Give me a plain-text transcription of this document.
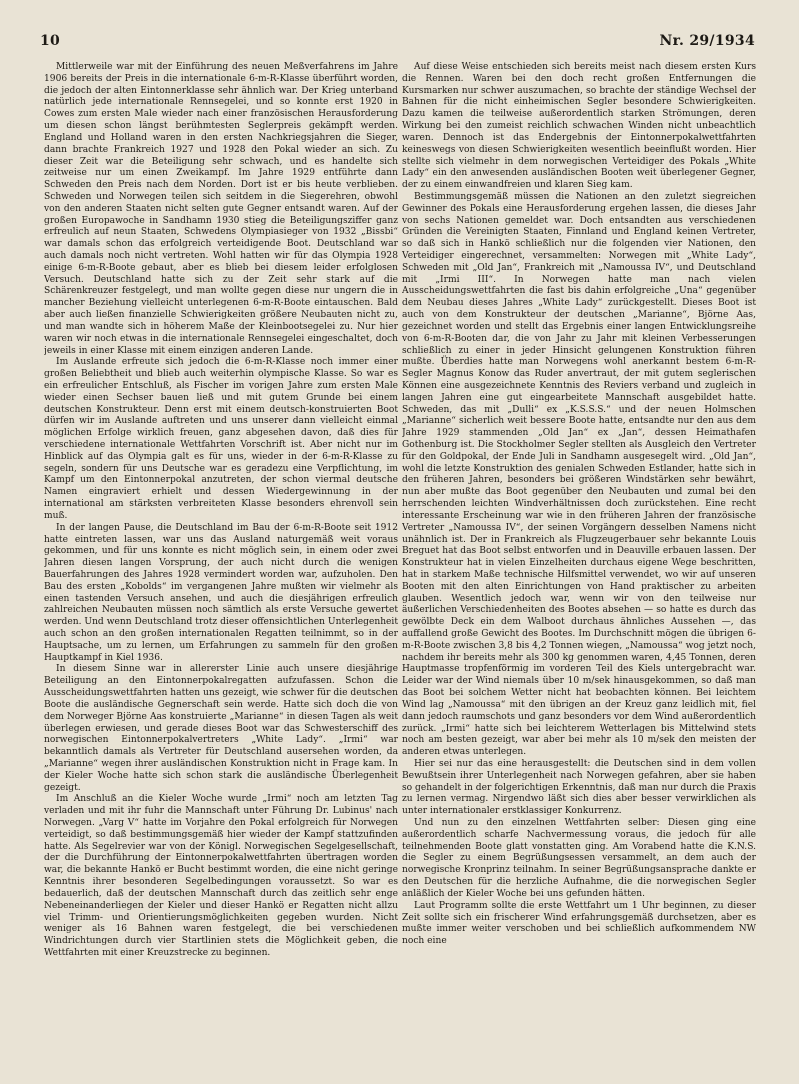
10	Nr. 29/1934

Mittlerweile war mit der Einführung des neuen Meßverfahrens im Jahre 1906 bereits der Preis in die internationale 6-m-R-Klasse überführt worden, die jedoch der alten Eintonnerklasse sehr ähnlich war. Der Krieg unterband natürlich jede internationale Rennsegelei, und so konnte erst 1920 in Cowes zum ersten Male wieder nach einer französischen Herausforderung um diesen schon längst berühmtesten Seglerpreis gekämpft werden. England und Holland waren in den ersten Nachkriegsjahren die Sieger, dann brachte Frankreich 1927 und 1928 den Pokal wieder an sich. Zu dieser Zeit war die Beteiligung sehr schwach, und es handelte sich zeitweise nur um einen Zweikampf. Im Jahre 1929 entführte dann Schweden den Preis nach dem Norden. Dort ist er bis heute verblieben. Schweden und Norwegen teilen sich seitdem in die Siegerehren, obwohl von den anderen Staaten nicht selten gute Gegner entsandt waren. Auf der großen Europawoche in Sandhamn 1930 stieg die Beteiligungsziffer ganz erfreulich auf neun Staaten, Schwedens Olympiasieger von 1932 „Bissbi“ war damals schon das erfolgreich verteidigende Boot. Deutschland war auch damals noch nicht vertreten. Wohl hatten wir für das Olympia 1928 einige 6-m-R-Boote gebaut, aber es blieb bei diesem leider erfolglosen Versuch. Deutschland hatte sich zu der Zeit sehr stark auf die Schärenkreuzer festgelegt, und man wollte gegen diese nur ungern die in mancher Beziehung vielleicht unterlegenen 6-m-R-Boote eintauschen. Bald aber auch ließen finanzielle Schwierigkeiten größere Neubauten nicht zu, und man wandte sich in höherem Maße der Kleinbootsegelei zu. Nur hier waren wir noch etwas in die internationale Rennsegelei eingeschaltet, doch jeweils in einer Klasse mit einem einzigen anderen Lande.

Im Auslande erfreute sich jedoch die 6-m-R-Klasse noch immer einer großen Beliebtheit und blieb auch weiterhin olympische Klasse. So war es ein erfreulicher Entschluß, als Fischer im vorigen Jahre zum ersten Male wieder einen Sechser bauen ließ und mit gutem Grunde bei einem deutschen Konstrukteur. Denn erst mit einem deutsch-konstruierten Boot dürfen wir im Auslande auftreten und uns unserer dann vielleicht einmal möglichen Erfolge wirklich freuen, ganz abgesehen davon, daß dies für verschiedene internationale Wettfahrten Vorschrift ist. Aber nicht nur im Hinblick auf das Olympia galt es für uns, wieder in der 6-m-R-Klasse zu segeln, sondern für uns Deutsche war es geradezu eine Verpflichtung, im Kampf um den Eintonnerpokal anzutreten, der schon viermal deutsche Namen eingraviert erhielt und dessen Wiedergewinnung in der international am stärksten verbreiteten Klasse besonders ehrenvoll sein muß.

In der langen Pause, die Deutschland im Bau der 6-m-R-Boote seit 1912 hatte eintreten lassen, war uns das Ausland naturgemäß weit voraus gekommen, und für uns konnte es nicht möglich sein, in einem oder zwei Jahren diesen langen Vorsprung, der auch nicht durch die wenigen Bauerfahrungen des Jahres 1928 vermindert worden war, aufzuholen. Den Bau des ersten „Kobolds“ im vergangenen Jahre mußten wir vielmehr als einen tastenden Versuch ansehen, und auch die diesjährigen erfreulich zahlreichen Neubauten müssen noch sämtlich als erste Versuche gewertet werden. Und wenn Deutschland trotz dieser offensichtlichen Unterlegenheit auch schon an den großen internationalen Regatten teilnimmt, so in der Hauptsache, um zu lernen, um Erfahrungen zu sammeln für den großen Hauptkampf in Kiel 1936.

In diesem Sinne war in allererster Linie auch unsere diesjährige Beteiligung an den Eintonnerpokalregatten aufzufassen. Schon die Ausscheidungswettfahrten hatten uns gezeigt, wie schwer für die deutschen Boote die ausländische Gegnerschaft sein werde. Hatte sich doch die von dem Norweger Björne Aas konstruierte „Marianne“ in diesen Tagen als weit überlegen erwiesen, und gerade dieses Boot war das Schwesterschiff des norwegischen Eintonnerpokalvertreters „White Lady“. „Irmi“ war bekanntlich damals als Vertreter für Deutschland ausersehen worden, da „Marianne“ wegen ihrer ausländischen Konstruktion nicht in Frage kam. In der Kieler Woche hatte sich schon stark die ausländische Überlegenheit gezeigt.

Im Anschluß an die Kieler Woche wurde „Irmi“ noch am letzten Tag verladen und mit ihr fuhr die Mannschaft unter Führung Dr. Lubinus' nach Norwegen. „Varg V“ hatte im Vorjahre den Pokal erfolgreich für Norwegen verteidigt, so daß bestimmungsgemäß hier wieder der Kampf stattzufinden hatte. Als Segelrevier war von der Königl. Norwegischen Segelgesellschaft, der die Durchführung der Eintonnerpokalwettfahrten übertragen worden war, die bekannte Hankö er Bucht bestimmt worden, die eine nicht geringe Kenntnis ihrer besonderen Segelbedingungen voraussetzt. So war es bedauerlich, daß der deutschen Mannschaft durch das zeitlich sehr enge Nebeneinanderliegen der Kieler und dieser Hankö er Regatten nicht allzu viel Trimm- und Orientierungsmöglichkeiten gegeben wurden. Nicht weniger als 16 Bahnen waren festgelegt, die bei verschiedenen Windrichtungen durch vier Startlinien stets die Möglichkeit geben, die Wettfahrten mit einer Kreuzstrecke zu beginnen.

Auf diese Weise entschieden sich bereits meist nach diesem ersten Kurs die Rennen. Waren bei den doch recht großen Entfernungen die Kursmarken nur schwer auszumachen, so brachte der ständige Wechsel der Bahnen für die nicht einheimischen Segler besondere Schwierigkeiten. Dazu kamen die teilweise außerordentlich starken Strömungen, deren Wirkung bei den zumeist reichlich schwachen Winden nicht unbeachtlich waren. Dennoch ist das Endergebnis der Eintonnerpokalwettfahrten keineswegs von diesen Schwierigkeiten wesentlich beeinflußt worden. Hier stellte sich vielmehr in dem norwegischen Verteidiger des Pokals „White Lady“ ein den anwesenden ausländischen Booten weit überlegener Gegner, der zu einem einwandfreien und klaren Sieg kam.

Bestimmungsgemäß müssen die Nationen an den zuletzt siegreichen Gewinner des Pokals eine Herausforderung ergehen lassen, die dieses Jahr von sechs Nationen gemeldet war. Doch entsandten aus verschiedenen Gründen die Vereinigten Staaten, Finnland und England keinen Vertreter, so daß sich in Hankö schließlich nur die folgenden vier Nationen, den Verteidiger eingerechnet, versammelten: Norwegen mit „White Lady“, Schweden mit „Old Jan“, Frankreich mit „Namoussa IV“, und Deutschland mit „Irmi III“. In Norwegen hatte man nach vielen Ausscheidungswettfahrten die fast bis dahin erfolgreiche „Una“ gegenüber dem Neubau dieses Jahres „White Lady“ zurückgestellt. Dieses Boot ist auch von dem Konstrukteur der deutschen „Marianne“, Björne Aas, gezeichnet worden und stellt das Ergebnis einer langen Entwicklungsreihe von 6-m-R-Booten dar, die von Jahr zu Jahr mit kleinen Verbesserungen schließlich zu einer in jeder Hinsicht gelungenen Konstruktion führen mußte. Überdies hatte man Norwegens wohl anerkannt bestem 6-m-R-Segler Magnus Konow das Ruder anvertraut, der mit gutem seglerischen Können eine ausgezeichnete Kenntnis des Reviers verband und zugleich in langen Jahren eine gut eingearbeitete Mannschaft ausgebildet hatte. Schweden, das mit „Dulli“ ex „K.S.S.S.“ und der neuen Holmschen „Marianne“ sicherlich weit bessere Boote hatte, entsandte nur den aus dem Jahre 1929 stammenden „Old Jan“ ex „Jan“, dessen Heimathafen Gothenburg ist. Die Stockholmer Segler stellten als Ausgleich den Vertreter für den Goldpokal, der Ende Juli in Sandhamn ausgesegelt wird. „Old Jan“, wohl die letzte Konstruktion des genialen Schweden Estlander, hatte sich in den früheren Jahren, besonders bei größeren Windstärken sehr bewährt, nun aber mußte das Boot gegenüber den Neubauten und zumal bei den herrschenden leichten Windverhältnissen doch zurückstehen. Eine recht interessante Erscheinung war wie in den früheren Jahren der französische Vertreter „Namoussa IV“, der seinen Vorgängern desselben Namens nicht unähnlich ist. Der in Frankreich als Flugzeugerbauer sehr bekannte Louis Breguet hat das Boot selbst entworfen und in Deauville erbauen lassen. Der Konstrukteur hat in vielen Einzelheiten durchaus eigene Wege beschritten, hat in starkem Maße technische Hilfsmittel verwendet, wo wir auf unseren Booten mit den alten Einrichtungen von Hand praktischer zu arbeiten glauben. Wesentlich jedoch war, wenn wir von den teilweise nur äußerlichen Verschiedenheiten des Bootes absehen — so hatte es durch das gewölbte Deck ein dem Walboot durchaus ähnliches Aussehen —, das auffallend große Gewicht des Bootes. Im Durchschnitt mögen die übrigen 6-m-R-Boote zwischen 3,8 bis 4,2 Tonnen wiegen, „Namoussa“ wog jetzt noch, nachdem ihr bereits mehr als 300 kg genommen waren, 4,45 Tonnen, deren Hauptmasse tropfenförmig im vorderen Teil des Kiels untergebracht war. Leider war der Wind niemals über 10 m/sek hinausgekommen, so daß man das Boot bei solchem Wetter nicht hat beobachten können. Bei leichtem Wind lag „Namoussa“ mit den übrigen an der Kreuz ganz leidlich mit, fiel dann jedoch raumschots und ganz besonders vor dem Wind außerordentlich zurück. „Irmi“ hatte sich bei leichterem Wetterlagen bis Mittelwind stets noch am besten gezeigt, war aber bei mehr als 10 m/sek den meisten der anderen etwas unterlegen.

Hier sei nur das eine herausgestellt: die Deutschen sind in dem vollen Bewußtsein ihrer Unterlegenheit nach Norwegen gefahren, aber sie haben so gehandelt in der folgerichtigen Erkenntnis, daß man nur durch die Praxis zu lernen vermag. Nirgendwo läßt sich dies aber besser verwirklichen als unter internationaler erstklassiger Konkurrenz.

Und nun zu den einzelnen Wettfahrten selber: Diesen ging eine außerordentlich scharfe Nachvermessung voraus, die jedoch für alle teilnehmenden Boote glatt vonstatten ging. Am Vorabend hatte die K.N.S. die Segler zu einem Begrüßungsessen versammelt, an dem auch der norwegische Kronprinz teilnahm. In seiner Begrüßungsansprache dankte er den Deutschen für die herzliche Aufnahme, die die norwegischen Segler anläßlich der Kieler Woche bei uns gefunden hätten.

Laut Programm sollte die erste Wettfahrt um 1 Uhr beginnen, zu dieser Zeit sollte sich ein frischerer Wind erfahrungsgemäß durchsetzen, aber es mußte immer weiter verschoben und bei schließlich aufkommendem NW noch eine
